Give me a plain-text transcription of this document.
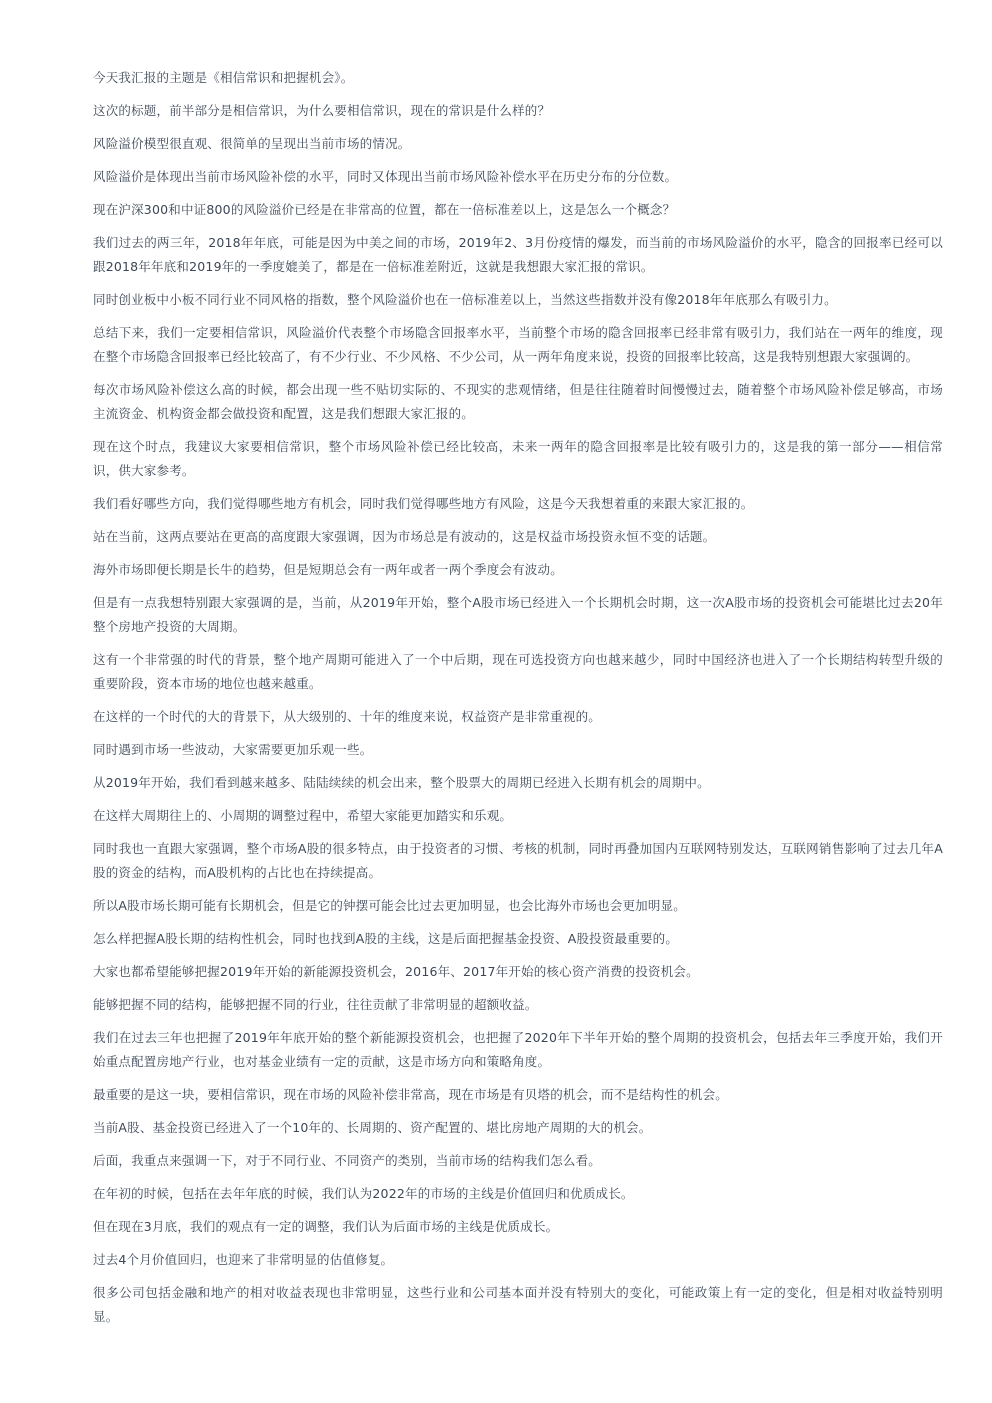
今天我汇报的主题是《相信常识和把握机会》。

这次的标题，前半部分是相信常识，为什么要相信常识，现在的常识是什么样的？

风险溢价模型很直观、很简单的呈现出当前市场的情况。

风险溢价是体现出当前市场风险补偿的水平，同时又体现出当前市场风险补偿水平在历史分布的分位数。

现在沪深300和中证800的风险溢价已经是在非常高的位置，都在一倍标准差以上，这是怎么一个概念？

我们过去的两三年，2018年年底，可能是因为中美之间的市场，2019年2、3月份疫情的爆发，而当前的市场风险溢价的水平，隐含的回报率已经可以跟2018年年底和2019年的一季度媲美了，都是在一倍标准差附近，这就是我想跟大家汇报的常识。

同时创业板中小板不同行业不同风格的指数，整个风险溢价也在一倍标准差以上，当然这些指数并没有像2018年年底那么有吸引力。

总结下来，我们一定要相信常识，风险溢价代表整个市场隐含回报率水平，当前整个市场的隐含回报率已经非常有吸引力，我们站在一两年的维度，现在整个市场隐含回报率已经比较高了，有不少行业、不少风格、不少公司，从一两年角度来说，投资的回报率比较高，这是我特别想跟大家强调的。

每次市场风险补偿这么高的时候，都会出现一些不贴切实际的、不现实的悲观情绪，但是往往随着时间慢慢过去，随着整个市场风险补偿足够高，市场主流资金、机构资金都会做投资和配置，这是我们想跟大家汇报的。

现在这个时点，我建议大家要相信常识，整个市场风险补偿已经比较高，未来一两年的隐含回报率是比较有吸引力的，这是我的第一部分——相信常识，供大家参考。

我们看好哪些方向，我们觉得哪些地方有机会，同时我们觉得哪些地方有风险，这是今天我想着重的来跟大家汇报的。

站在当前，这两点要站在更高的高度跟大家强调，因为市场总是有波动的，这是权益市场投资永恒不变的话题。

海外市场即便长期是长牛的趋势，但是短期总会有一两年或者一两个季度会有波动。

但是有一点我想特别跟大家强调的是，当前，从2019年开始，整个A股市场已经进入一个长期机会时期，这一次A股市场的投资机会可能堪比过去20年整个房地产投资的大周期。

这有一个非常强的时代的背景，整个地产周期可能进入了一个中后期，现在可选投资方向也越来越少，同时中国经济也进入了一个长期结构转型升级的重要阶段，资本市场的地位也越来越重。

在这样的一个时代的大的背景下，从大级别的、十年的维度来说，权益资产是非常重视的。

同时遇到市场一些波动，大家需要更加乐观一些。

从2019年开始，我们看到越来越多、陆陆续续的机会出来，整个股票大的周期已经进入长期有机会的周期中。

在这样大周期往上的、小周期的调整过程中，希望大家能更加踏实和乐观。

同时我也一直跟大家强调，整个市场A股的很多特点，由于投资者的习惯、考核的机制，同时再叠加国内互联网特别发达，互联网销售影响了过去几年A股的资金的结构，而A股机构的占比也在持续提高。

所以A股市场长期可能有长期机会，但是它的钟摆可能会比过去更加明显，也会比海外市场也会更加明显。

怎么样把握A股长期的结构性机会，同时也找到A股的主线，这是后面把握基金投资、A股投资最重要的。

大家也都希望能够把握2019年开始的新能源投资机会，2016年、2017年开始的核心资产消费的投资机会。

能够把握不同的结构，能够把握不同的行业，往往贡献了非常明显的超额收益。

我们在过去三年也把握了2019年年底开始的整个新能源投资机会，也把握了2020年下半年开始的整个周期的投资机会，包括去年三季度开始，我们开始重点配置房地产行业，也对基金业绩有一定的贡献，这是市场方向和策略角度。

最重要的是这一块，要相信常识，现在市场的风险补偿非常高，现在市场是有贝塔的机会，而不是结构性的机会。

当前A股、基金投资已经进入了一个10年的、长周期的、资产配置的、堪比房地产周期的大的机会。

后面，我重点来强调一下，对于不同行业、不同资产的类别，当前市场的结构我们怎么看。

在年初的时候，包括在去年年底的时候，我们认为2022年的市场的主线是价值回归和优质成长。

但在现在3月底，我们的观点有一定的调整，我们认为后面市场的主线是优质成长。

过去4个月价值回归，也迎来了非常明显的估值修复。

很多公司包括金融和地产的相对收益表现也非常明显，这些行业和公司基本面并没有特别大的变化，可能政策上有一定的变化，但是相对收益特别明显。
